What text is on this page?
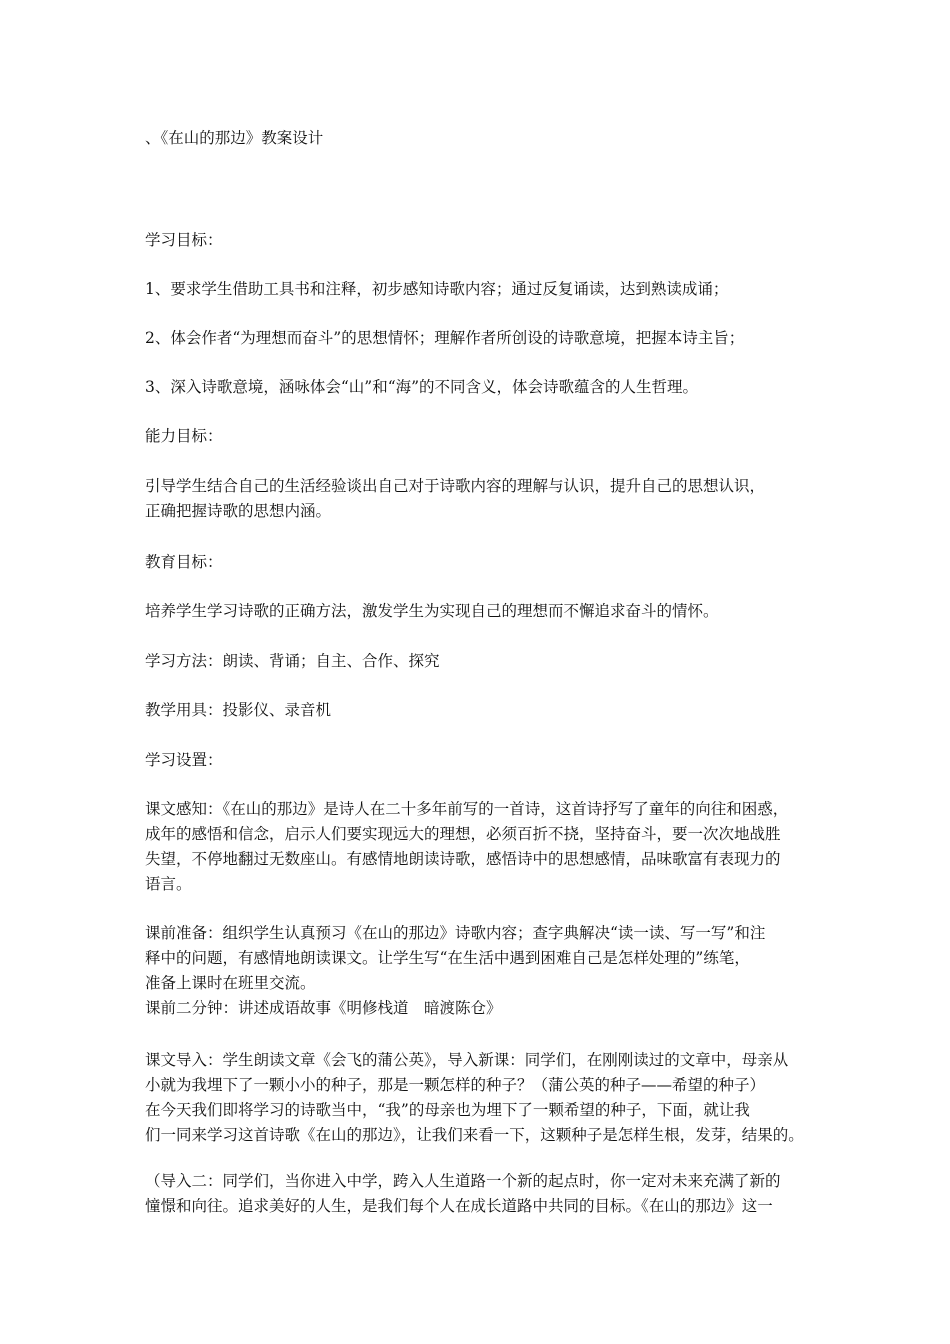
、《在山的那边》教案设计
学习目标：
1、要求学生借助工具书和注释，初步感知诗歌内容；通过反复诵读，达到熟读成诵；
2、体会作者“为理想而奋斗”的思想情怀；理解作者所创设的诗歌意境，把握本诗主旨；
3、深入诗歌意境，涵咏体会“山”和“海”的不同含义，体会诗歌蕴含的人生哲理。
能力目标：
引导学生结合自己的生活经验谈出自己对于诗歌内容的理解与认识，提升自己的思想认识，
正确把握诗歌的思想内涵。
教育目标：
培养学生学习诗歌的正确方法，激发学生为实现自己的理想而不懈追求奋斗的情怀。
学习方法：朗读、背诵；自主、合作、探究
教学用具：投影仪、录音机
学习设置：
课文感知：《在山的那边》是诗人在二十多年前写的一首诗，这首诗抒写了童年的向往和困惑，
成年的感悟和信念，启示人们要实现远大的理想，必须百折不挠，坚持奋斗，要一次次地战胜
失望，不停地翻过无数座山。有感情地朗读诗歌，感悟诗中的思想感情，品味歌富有表现力的
语言。
课前准备：组织学生认真预习《在山的那边》诗歌内容；查字典解决“读一读、写一写”和注
释中的问题，有感情地朗读课文。让学生写“在生活中遇到困难自己是怎样处理的”练笔，
准备上课时在班里交流。
课前二分钟：讲述成语故事《明修栈道　暗渡陈仓》
课文导入：学生朗读文章《会飞的蒲公英》，导入新课：同学们，在刚刚读过的文章中，母亲从
小就为我埋下了一颗小小的种子，那是一颗怎样的种子？（蒲公英的种子——希望的种子）
在今天我们即将学习的诗歌当中，“我”的母亲也为埋下了一颗希望的种子，下面，就让我
们一同来学习这首诗歌《在山的那边》，让我们来看一下，这颗种子是怎样生根，发芽，结果的。
（导入二：同学们，当你进入中学，跨入人生道路一个新的起点时，你一定对未来充满了新的
憧憬和向往。追求美好的人生，是我们每个人在成长道路中共同的目标。《在山的那边》这一
